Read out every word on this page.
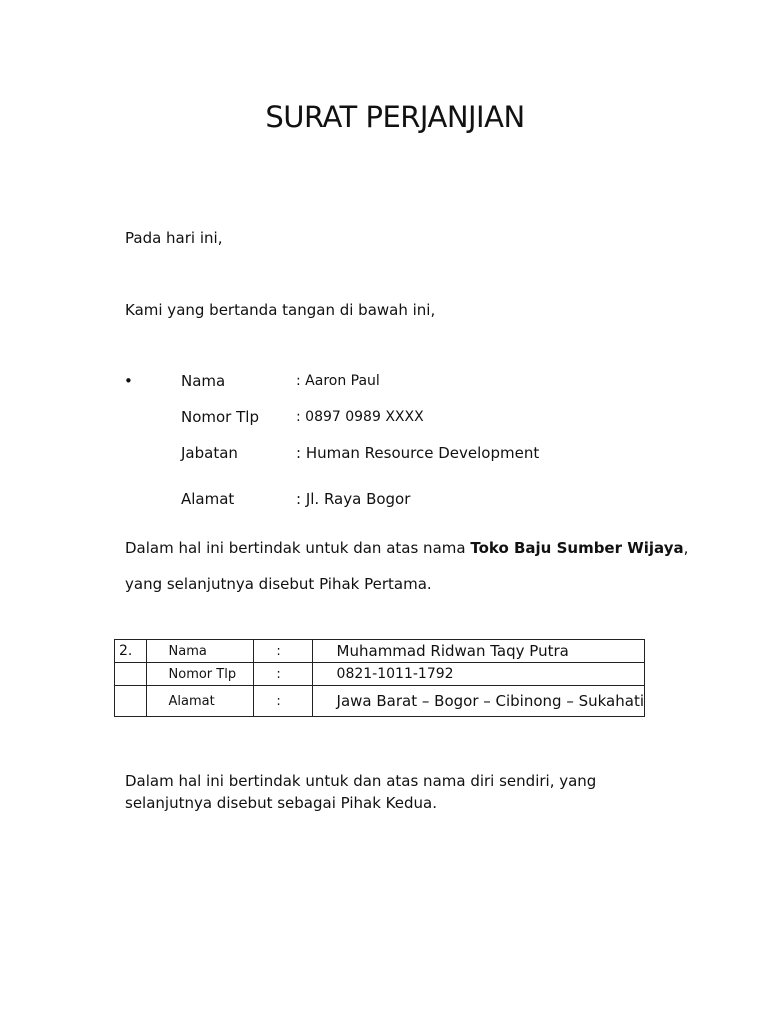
SURAT PERJANJIAN

Pada hari ini,

Kami yang bertanda tangan di bawah ini,

•	Nama	: Aaron Paul
Nomor Tlp	: 0897 0989 XXXX
Jabatan	: Human Resource Development
Alamat	: Jl. Raya Bogor

Dalam hal ini bertindak untuk dan atas nama Toko Baju Sumber Wijaya,

yang selanjutnya disebut Pihak Pertama.

2.	Nama	:	Muhammad Ridwan Taqy Putra
	Nomor Tlp	:	0821-1011-1792
	Alamat	:	Jawa Barat – Bogor – Cibinong – Sukahati

Dalam hal ini bertindak untuk dan atas nama diri sendiri, yang selanjutnya disebut sebagai Pihak Kedua.
